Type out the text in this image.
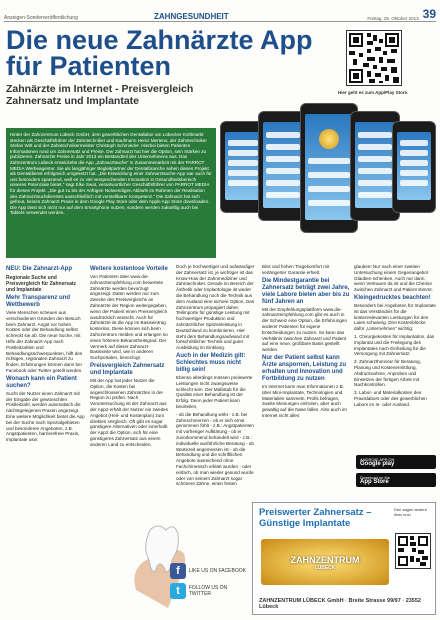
Anzeigen-Sonderveröffentlichung	ZAHNGESUNDHEIT	Freitag, 25. Oktober 2013 39
Die neue Zahnärzte App für Patienten
Zahnärzte im Internet - Preisvergleich Zahnersatz und Implantate
Hier geht es zum App/Play Store.
Hinter der Zahnzentrum Lübeck GmbH, dem gewerblichen Dentallabor am Lübecker Kohlmarkt stecken als Geschäftsführer der Zahntechniker und Kaufmann Heinz Mertens, der Zahntechniker Stefan Witt und der Zahntechnikermeister Christoph Schmieder. Hierbei bieten Patienten Informationen rund um Zahnersatz und Preise. Der Zahnarzt hat hier die Option, sein Stärken zu publizieren. Zahnärzte Preise in Jahr 2013 ein Bestandteil des Unternehmens aus. Das Zahnzentrum Lübeck entwickelte die App „Zahnarztsuche“ in Zusammenarbeit mit der PARROT MEDIA Werbeagentur. Sie als langjähriger Begleitpartner der Dentalbranche sehen dieses Projekt als Dentaldienst erfolgreich umgesetzt hat. „Die Entwicklung einer Zahnarztsuche-App war auch für uns besonders spannend, weil es zu viel versprechenden Innovation in Gesundheitsbereich unseres Potenziale bietet,“ sagt Elke Swat, verantwortlicher Geschäftsführer von PARROT MEDIA für dieses Projekt. „Die gut zu bis der Anfügen Notwendigen Abläufe im Rahmen der Realisation des Zahnarztsuchdienstes ausschließlich mit vorstellbarer Kompetenz.“ Die Zahnarzt hat sich gefreut, keines Zahnarzt Praxis in dem Google Play Store oder dem Apple App Store downloaden. Die App lässt sich nicht nur auf dem Smartphone nutzen, sondern werden zukünftig auch bei Tablets verwendet werden.
NEU: Die Zahnarzt-App
Regionale Suche und Preisvergleich für Zahnersatz und Implantate
Mehr Transparenz und Wettbewerb

Viele Menschen scheuen aus verschiedenen Gründen den Besuch beim Zahnarzt. Angst vor hohen Kosten oder der Behandlung selbst schreckt sie ab. Die neue Suche, mit Hilfe der Zahnarzt-App nach Postleitzahlen und Behandlungsschwerpunkten, hilft den richtigen, regionalen Zahnarzt zu finden. Erfahrungen können dann bei Facebook oder Twitter geteilt werden.

Wonach kann ein Patient suchen?

Sucht der Nutzer einen Zahnarzt mit der Eingabe der gewünschten Postleitzahl, werden automatisch die nächstgelegenen Praxen angezeigt. Eine weitere Möglichkeit bietet die App bei der Suche nach Spezialgebieten und besonderen Angeboten, z.B. Angstpatienten, barrierefreie Praxis, Implantate usw.

Weitere kostenlose Vorteile

Von Patienten über www.die-zahnarztempfehlung.com bewertete Zahnärzte werden bevorzugt angezeigt. Daten werden nur zum Zwecke des Preisvergleichs an Zahnärzte der Region weitergegeben, wenn der Patient einen Preisvergleich ausdrücklich wünscht. Auch für Zahnärzte ist die App im Basiseintrag kostenlos. Diese können sich beim Zahnzentrum melden und erlangen so einen höheren Bekanntheitsgrad. Der Vermerk auf dieser Zahnarzt-Basisseite wird, wie in anderen Suchportalen, bevorzugt.

Preisvergleich Zahnersatz und Implantate

Mit der App hat jeder Nutzer die Option, die Kosten bei angeschlossenen Zahnärzten in der Region zu prüfen. Nach Voruntersuchung ist der Zahnarzt aus der App2 erhält der Nutzer ein zweites Angebot (Heil- und Kostenplan) zum direkten Vergleich. Oft gibt es sogar günstigere Alternativen oder innerhalb der App2 die Option, sich für eine günstigeres Zahnersatz aus einem anderen Land zu entscheiden.

Doch je hochwertiger und aufwändiger der Zahnersatz ist, je wichtiger ist das Know-How der Zahnmediziner und Zahntechniker. Gerade im Bereich der Ästhetik oder Implantologie ist weder die Behandlung noch die Technik aus dem Ausland eine sichere Option. Das Zahnzentrum propagiert daher, Teilimporte für günstige Leistung mit hochwertiger Produktion und zahnärztlicher Spitzenleistung in Deutschland zu kombinieren. Hier steht dem Behandlungsaufwand mit fortschrittlicher Technik und guter Ausbildung im Einklang.

Auch in der Medizin gilt: Schlechtes muss nicht billig sein!

Ebenso allerdings müssen preiswerte Leistungen nicht zwangsweise schlecht sein. Der Maßstab für die Qualität einer Behandlung ist der Erfolg. Denn jeder Patient kann beurteilen,

- ob die Behandlung wirkt - z.B. bei Zahnschmerzen - ob er sich ernst genommen fühlt - z.B.: Angstpatienten mit vorheriger Aufklärung - ob er zuvorkommend behandelt wird - z.B.: individuelle ausführliche Beratung - ob Wartezeit angemessen ist - ob die Behandlung und die schriftlichen Angebote ausreichend ohne Fachchinesisch erklärt wurden - oder einfach, ob man wieder gesund wurde oder von seinem Zahnarzt sogar schönere Zähne, einen festen

f	LIKE US ON FACEBOOK
t	FOLLOW US ON TWITTER

Biss und hohen Tragekomfort mit verlängerter Garantie erhielt.

Die Mindestgarantie bei Zahnersatz beträgt zwei Jahre, viele Labore bieten aber bis zu fünf Jahren an

Mit der Empfehlungsplattform www.die-zahnarztempfehlung.com gibt es auch in der Schweiz eine Option, die Erfahrungen anderer Patienten für eigene Entscheidungen zu nutzen. So kann das Verhältnis zwischen Zahnarzt und Patient auf eine neue, großbare Basis gestellt werden.

Nur der Patient selbst kann Ärzte anspornen, Leistung zu erhalten und Innovation und Fortbildung zu nutzen

Im Internet kann man Informationen z.B. über Mini-Implantate, Technologien und Materialien sammeln, Profis befragen, zweite Meinungen einholen, aber auch gewaltig auf die Nase fallen. Also auch im Internet nicht alles

glauben! Nur nach einer zweiten Untersuchung einem Gegenangebot Glauben schenken. Auch nur dann, wenn Vertrauen da ist und die Chemie zwischen Zahnarzt und Patient stimmt.

Kleingedrucktes beachten!

Besonders bei Angeboten für Implantate ist das Verständnis für die kostenrelevanten Leistungen für den Laien schwierig. Drei Kostenblöcke dafür „Unternehmen“ wichtig:

1. Chirurgiekosten für Implantation, das Implantat und die Freilegung des Implantates nach Einheilung für die Versorgung mit Zahnersatz.

2. Zahnarzthonorar für Beratung, Planung und Kostenermittlung, Abdrucknahme, Anproben und Einsetzen der fertigen Arbeit mit Nachkontrollen.

3. Labor- und Materialkosten des Praxislabors oder des gewerblichen Labors im In- oder Ausland.

ANDROID APP ON
Google play
Download on the
App Store
Preiswerter Zahnersatz – Günstige Implantate
ZAHNZENTRUM
LÜBECK
Den sagen andere über uns!
ZAHNZENTRUM LÜBECK GmbH · Breite Strasse 99/97 · 23552 Lübeck
